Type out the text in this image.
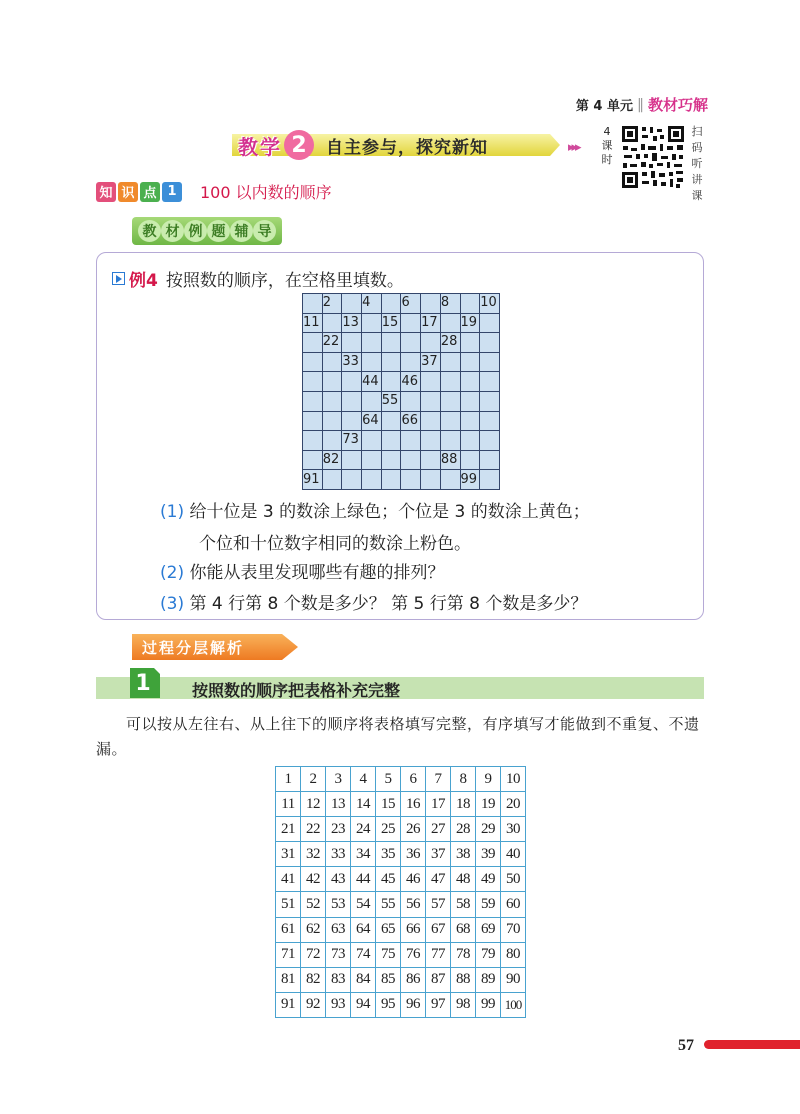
第 4 单元 ‖ 教材巧解
教学 2	自主参与，探究新知	▸▸▸
4课时
扫码听讲课
知 识 点 1	100 以内数的顺序
教 材 例 题 辅 导
例4 按照数的顺序，在空格里填数。
	2		4		6		8		10
11		13		15		17		19	
	22						28		
		33				37			
			44		46				
				55					
			64		66				
		73							
	82						88		
91								99	
(1) 给十位是 3 的数涂上绿色；个位是 3 的数涂上黄色；
个位和十位数字相同的数涂上粉色。
(2) 你能从表里发现哪些有趣的排列？
(3) 第 4 行第 8 个数是多少？ 第 5 行第 8 个数是多少？
过程分层解析
1	按照数的顺序把表格补充完整
可以按从左往右、从上往下的顺序将表格填写完整，有序填写才能做到不重复、不遗漏。
1	2	3	4	5	6	7	8	9	10
11	12	13	14	15	16	17	18	19	20
21	22	23	24	25	26	27	28	29	30
31	32	33	34	35	36	37	38	39	40
41	42	43	44	45	46	47	48	49	50
51	52	53	54	55	56	57	58	59	60
61	62	63	64	65	66	67	68	69	70
71	72	73	74	75	76	77	78	79	80
81	82	83	84	85	86	87	88	89	90
91	92	93	94	95	96	97	98	99	100
57
